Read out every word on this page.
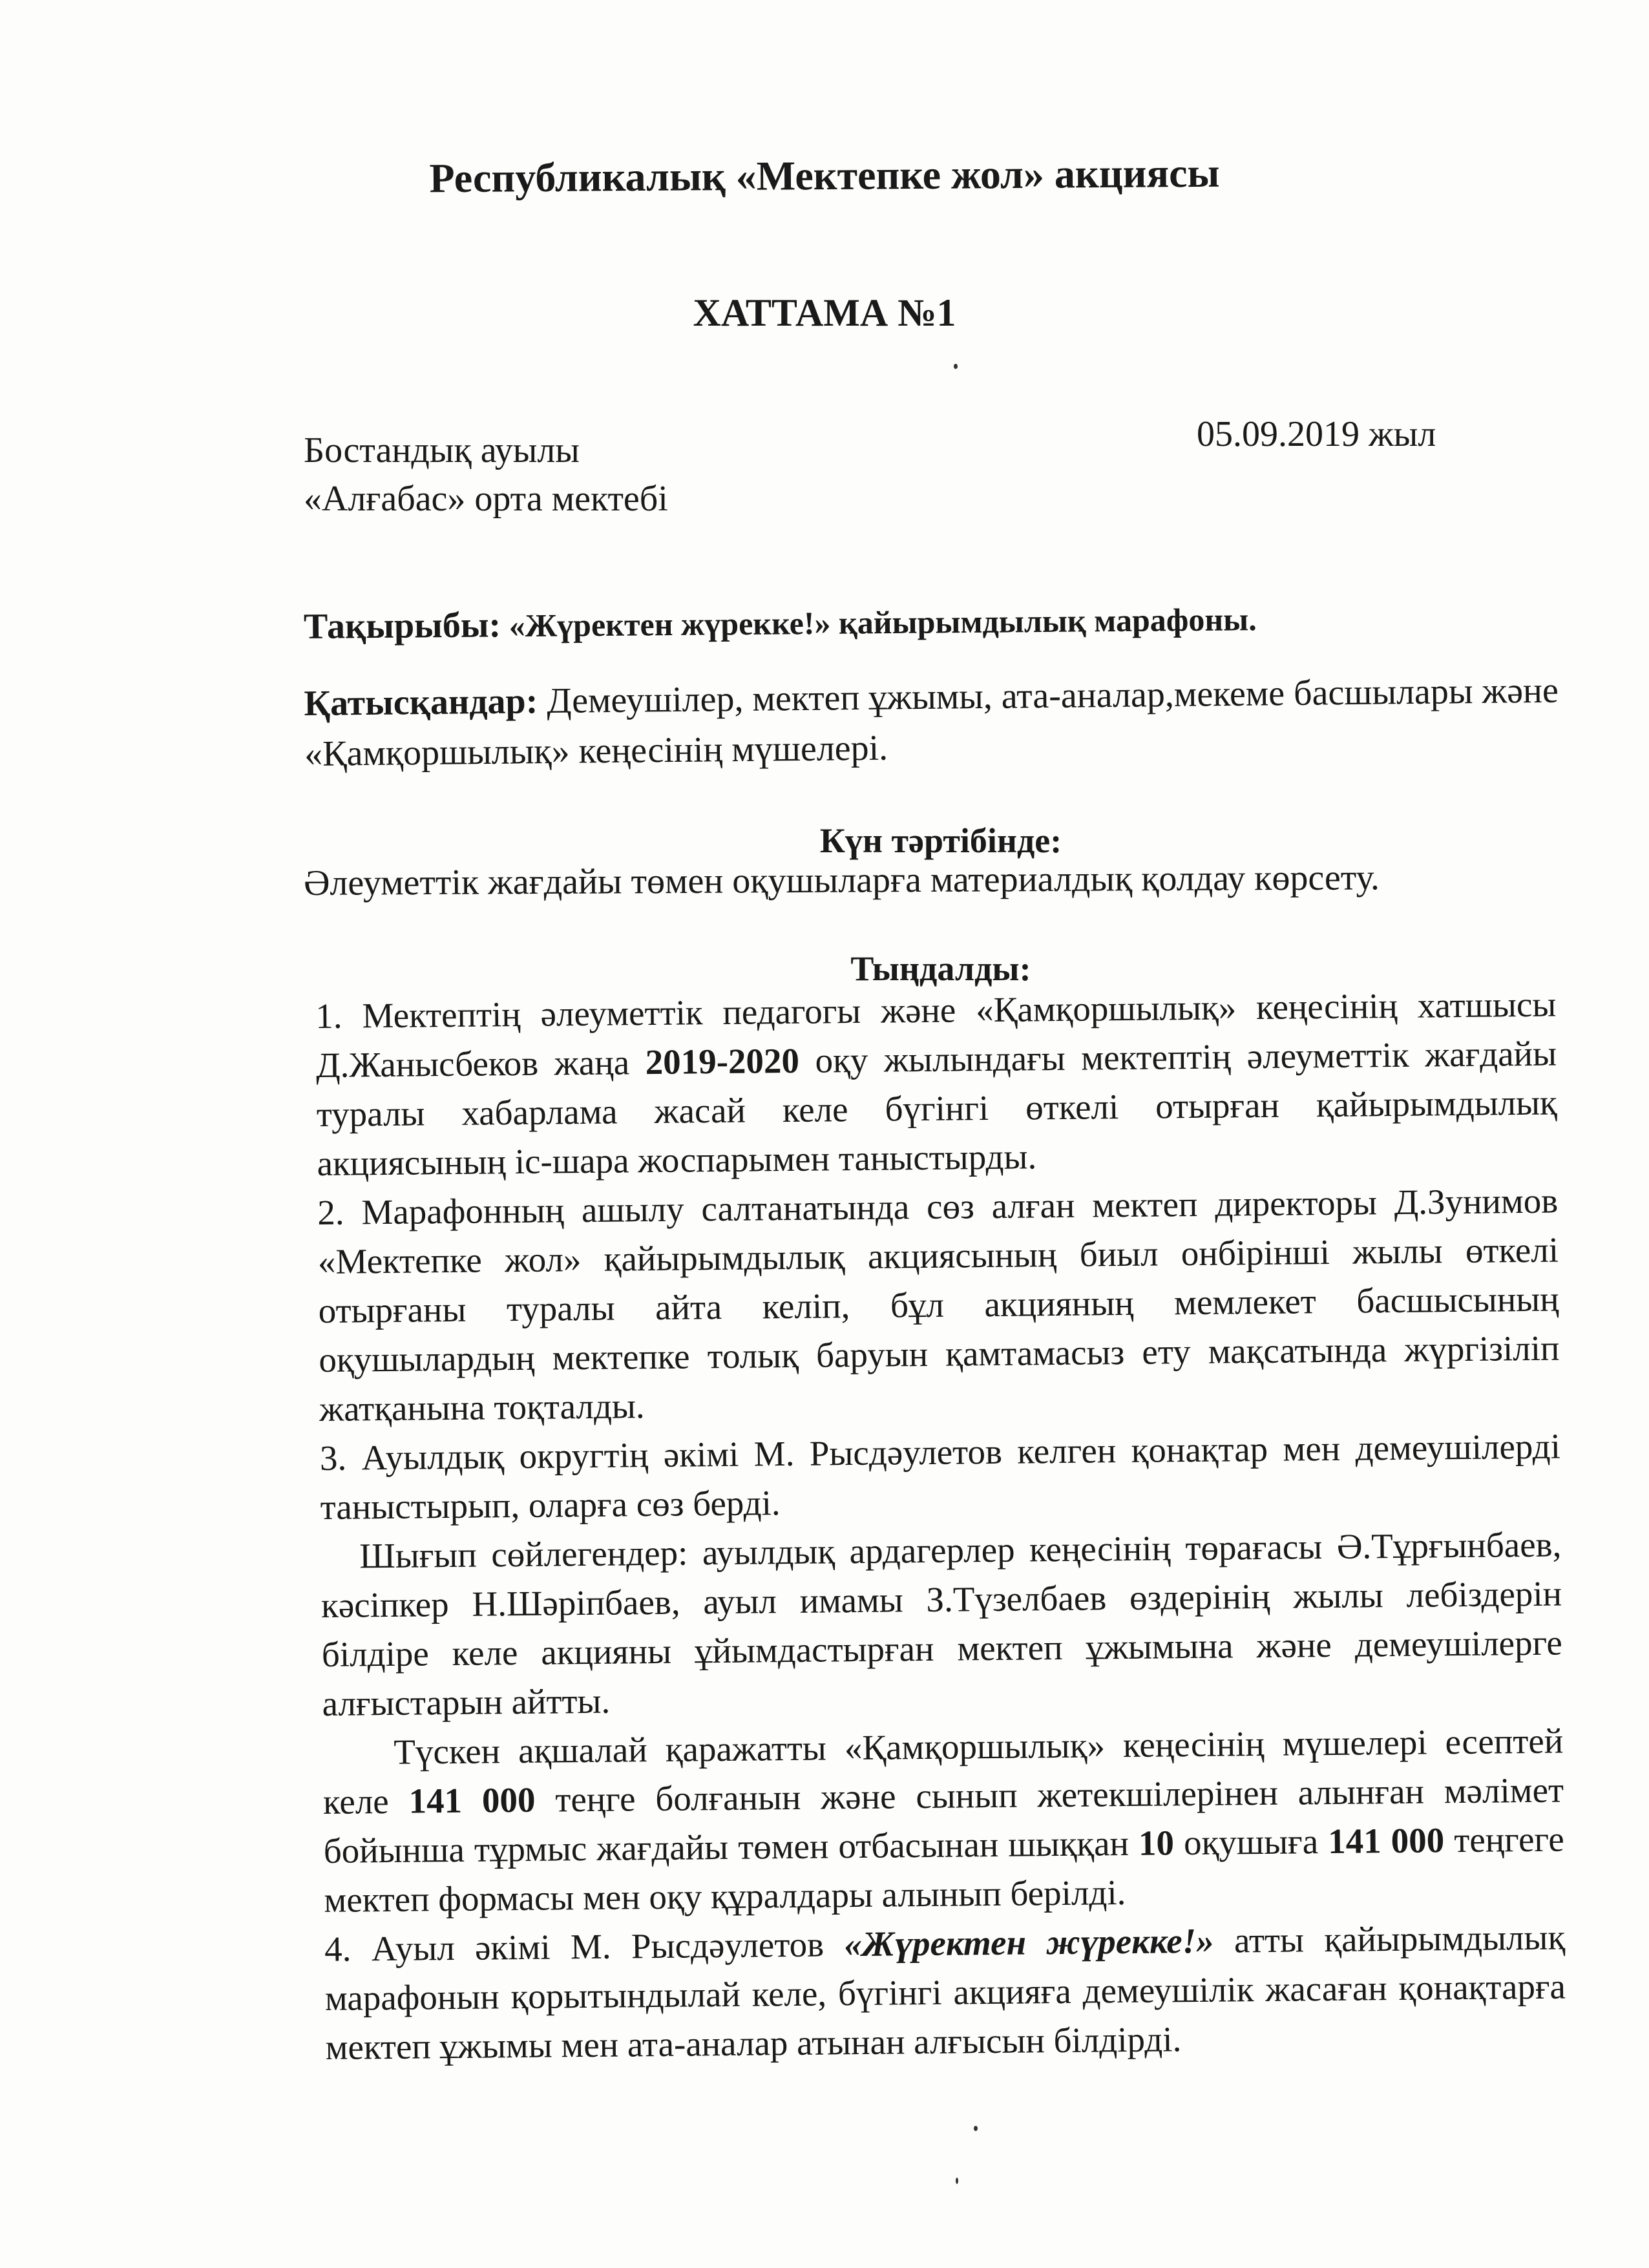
Республикалық «Мектепке жол» акциясы
ХАТТАМА №1
Бостандық ауылы
«Алғабас» орта мектебі
05.09.2019 жыл
Тақырыбы: «Жүректен жүрекке!» қайырымдылық марафоны.
Қатысқандар: Демеушілер, мектеп ұжымы, ата-аналар,мекеме басшылары және «Қамқоршылық» кеңесінің мүшелері.
Күн тәртібінде:
Әлеуметтік жағдайы төмен оқушыларға материалдық қолдау көрсету.
Тыңдалды:

1. Мектептің әлеуметтік педагогы және «Қамқоршылық» кеңесінің хатшысы Д.Жанысбеков жаңа 2019-2020 оқу жылындағы мектептің әлеуметтік жағдайы туралы хабарлама жасай келе бүгінгі өткелі отырған қайырымдылық акциясының іс-шара жоспарымен таныстырды.

2. Марафонның ашылу салтанатында сөз алған мектеп директоры Д.Зунимов «Мектепке жол» қайырымдылық акциясының биыл онбірінші жылы өткелі отырғаны туралы айта келіп, бұл акцияның мемлекет басшысының оқушылардың мектепке толық баруын қамтамасыз ету мақсатында жүргізіліп жатқанына тоқталды.

3. Ауылдық округтің әкімі М. Рысдәулетов келген қонақтар мен демеушілерді таныстырып, оларға сөз берді.

Шығып сөйлегендер: ауылдық ардагерлер кеңесінің төрағасы Ә.Тұрғынбаев, кәсіпкер Н.Шәріпбаев, ауыл имамы З.Түзелбаев өздерінің жылы лебіздерін білдіре келе акцияны ұйымдастырған мектеп ұжымына және демеушілерге алғыстарын айтты.

Түскен ақшалай қаражатты «Қамқоршылық» кеңесінің мүшелері есептей келе 141 000 теңге болғанын және сынып жетекшілерінен алынған мәлімет бойынша тұрмыс жағдайы төмен отбасынан шыққан 10 оқушыға 141 000 теңгеге мектеп формасы мен оқу құралдары алынып берілді.

4. Ауыл әкімі М. Рысдәулетов «Жүректен жүрекке!» атты қайырымдылық марафонын қорытындылай келе, бүгінгі акцияға демеушілік жасаған қонақтарға мектеп ұжымы мен ата-аналар атынан алғысын білдірді.
